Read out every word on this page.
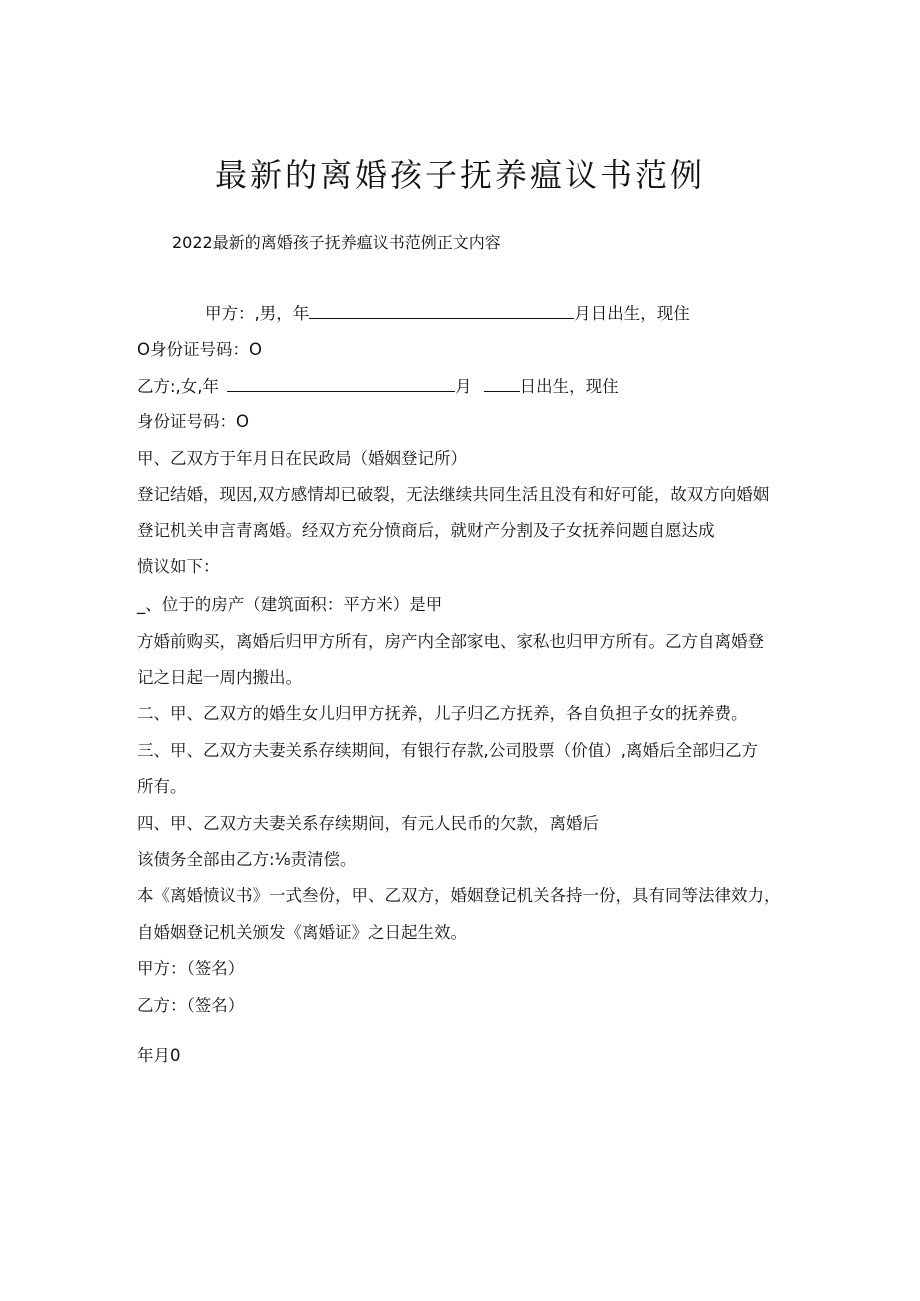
最新的离婚孩子抚养瘟议书范例

2022最新的离婚孩子抚养瘟议书范例正文内容

甲方：,男，年	月日出生，现住

O身份证号码：O

乙方:,女,年	月	日出生，现住

身份证号码：O

甲、乙双方于年月日在民政局（婚姻登记所）

登记结婚，现因,双方感情却已破裂，无法继续共同生活且没有和好可能，故双方向婚姻

登记机关申言青离婚。经双方充分愤商后，就财产分割及子女抚养问题自愿达成

愤议如下：

_、位于的房产（建筑面积：平方米）是甲

方婚前购买，离婚后归甲方所有，房产内全部家电、家私也归甲方所有。乙方自离婚登

记之日起一周内搬出。

二、甲、乙双方的婚生女儿归甲方抚养，儿子归乙方抚养，各自负担子女的抚养费。

三、甲、乙双方夫妻关系存续期间，有银行存款,公司股票（价值）,离婚后全部归乙方

所有。

四、甲、乙双方夫妻关系存续期间，有元人民币的欠款，离婚后

该债务全部由乙方:⅛责清偿。

本《离婚愤议书》一式叁份，甲、乙双方，婚姻登记机关各持一份，具有同等法律效力，

自婚姻登记机关颁发《离婚证》之日起生效。

甲方：（签名）

乙方：（签名）

年月0
